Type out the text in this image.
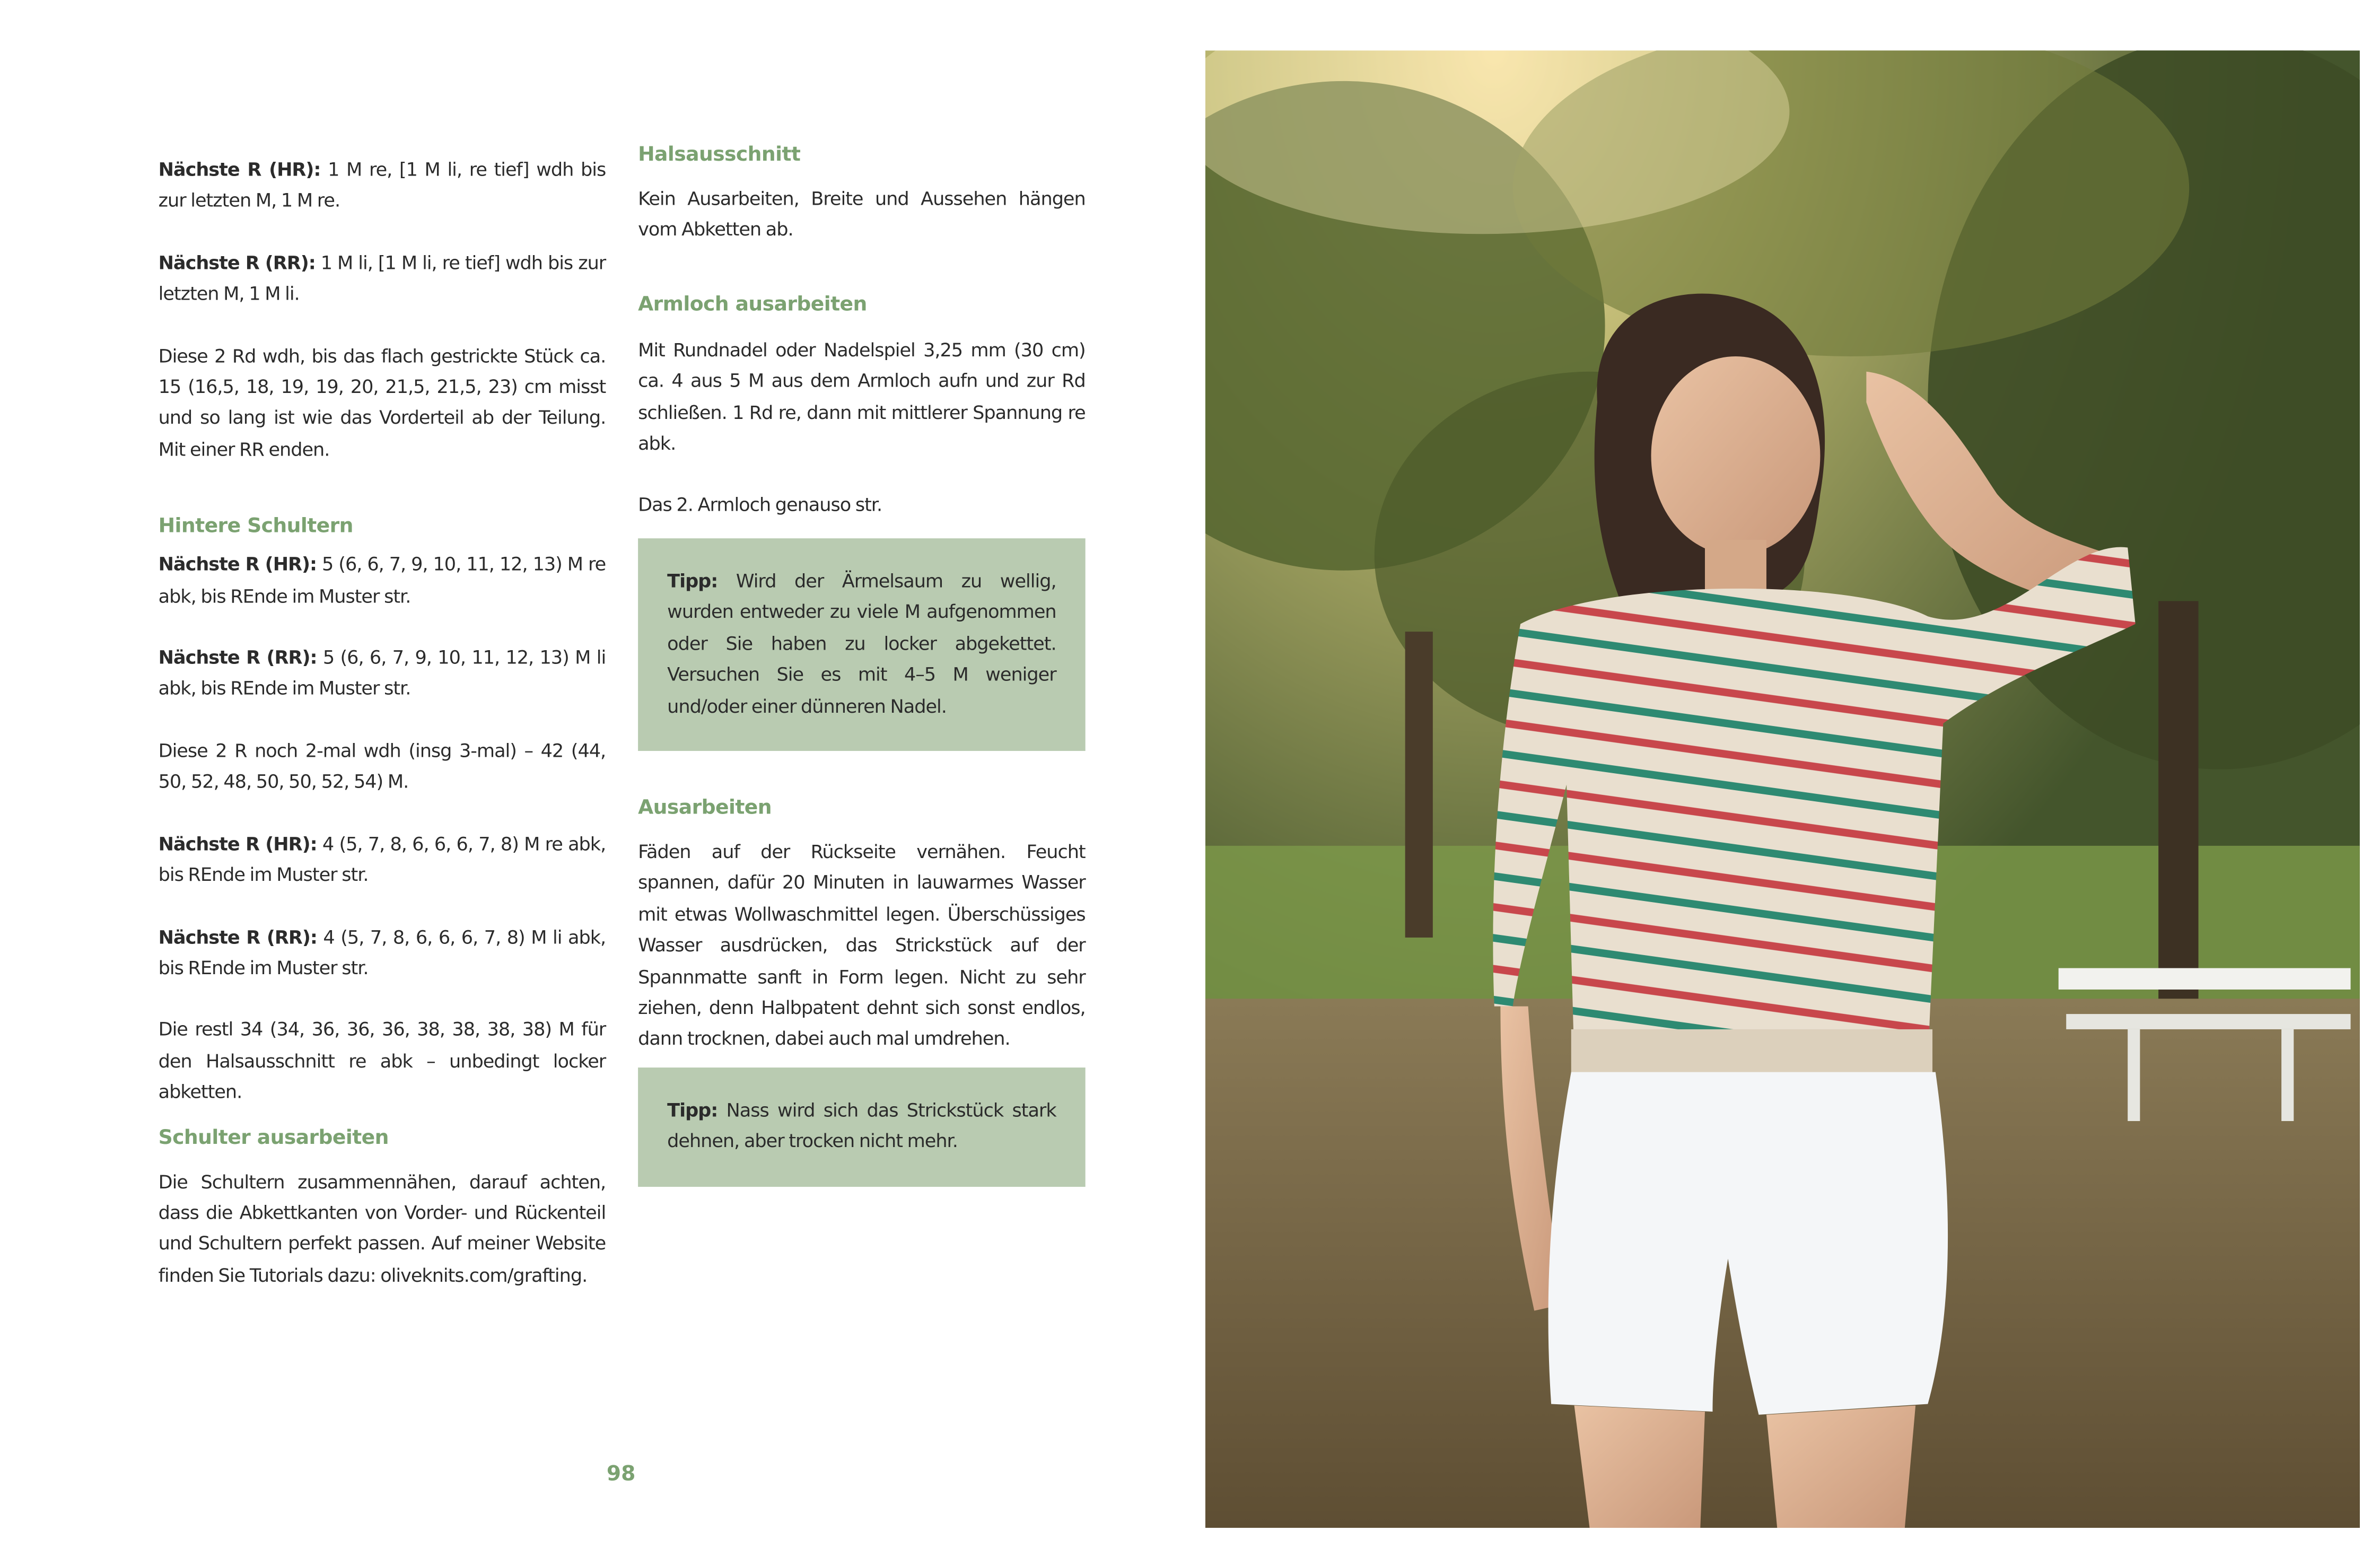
Nächste R (HR): 1 M re, [1 M li, re tief] wdh bis zur letzten M, 1 M re.

Nächste R (RR): 1 M li, [1 M li, re tief] wdh bis zur letzten M, 1 M li.

Diese 2 Rd wdh, bis das flach gestrickte Stück ca. 15 (16,5, 18, 19, 19, 20, 21,5, 21,5, 23) cm misst und so lang ist wie das Vorderteil ab der Teilung. Mit einer RR enden.

Hintere Schultern

Nächste R (HR): 5 (6, 6, 7, 9, 10, 11, 12, 13) M re abk, bis REnde im Muster str.

Nächste R (RR): 5 (6, 6, 7, 9, 10, 11, 12, 13) M li abk, bis REnde im Muster str.

Diese 2 R noch 2-mal wdh (insg 3-mal) – 42 (44, 50, 52, 48, 50, 50, 52, 54) M.

Nächste R (HR): 4 (5, 7, 8, 6, 6, 6, 7, 8) M re abk, bis REnde im Muster str.

Nächste R (RR): 4 (5, 7, 8, 6, 6, 6, 7, 8) M li abk, bis REnde im Muster str.

Die restl 34 (34, 36, 36, 36, 38, 38, 38, 38) M für den Halsausschnitt re abk – unbedingt locker abketten.

Schulter ausarbeiten

Die Schultern zusammennähen, darauf achten, dass die Abkettkanten von Vorder- und Rückenteil und Schultern perfekt passen. Auf meiner Website finden Sie Tutorials dazu: oliveknits.com/grafting.

Halsausschnitt

Kein Ausarbeiten, Breite und Aussehen hängen vom Abketten ab.

Armloch ausarbeiten

Mit Rundnadel oder Nadelspiel 3,25 mm (30 cm) ca. 4 aus 5 M aus dem Armloch aufn und zur Rd schließen. 1 Rd re, dann mit mittlerer Spannung re abk.

Das 2. Armloch genauso str.

Tipp: Wird der Ärmelsaum zu wellig, wurden entweder zu viele M aufgenommen oder Sie haben zu locker abgekettet. Versuchen Sie es mit 4–5 M weniger und/oder einer dünneren Nadel.

Ausarbeiten

Fäden auf der Rückseite vernähen. Feucht spannen, dafür 20 Minuten in lauwarmes Wasser mit etwas Wollwaschmittel legen. Überschüssiges Wasser ausdrücken, das Strickstück auf der Spannmatte sanft in Form legen. Nicht zu sehr ziehen, denn Halbpatent dehnt sich sonst endlos, dann trocknen, dabei auch mal umdrehen.

Tipp: Nass wird sich das Strickstück stark dehnen, aber trocken nicht mehr.

98
